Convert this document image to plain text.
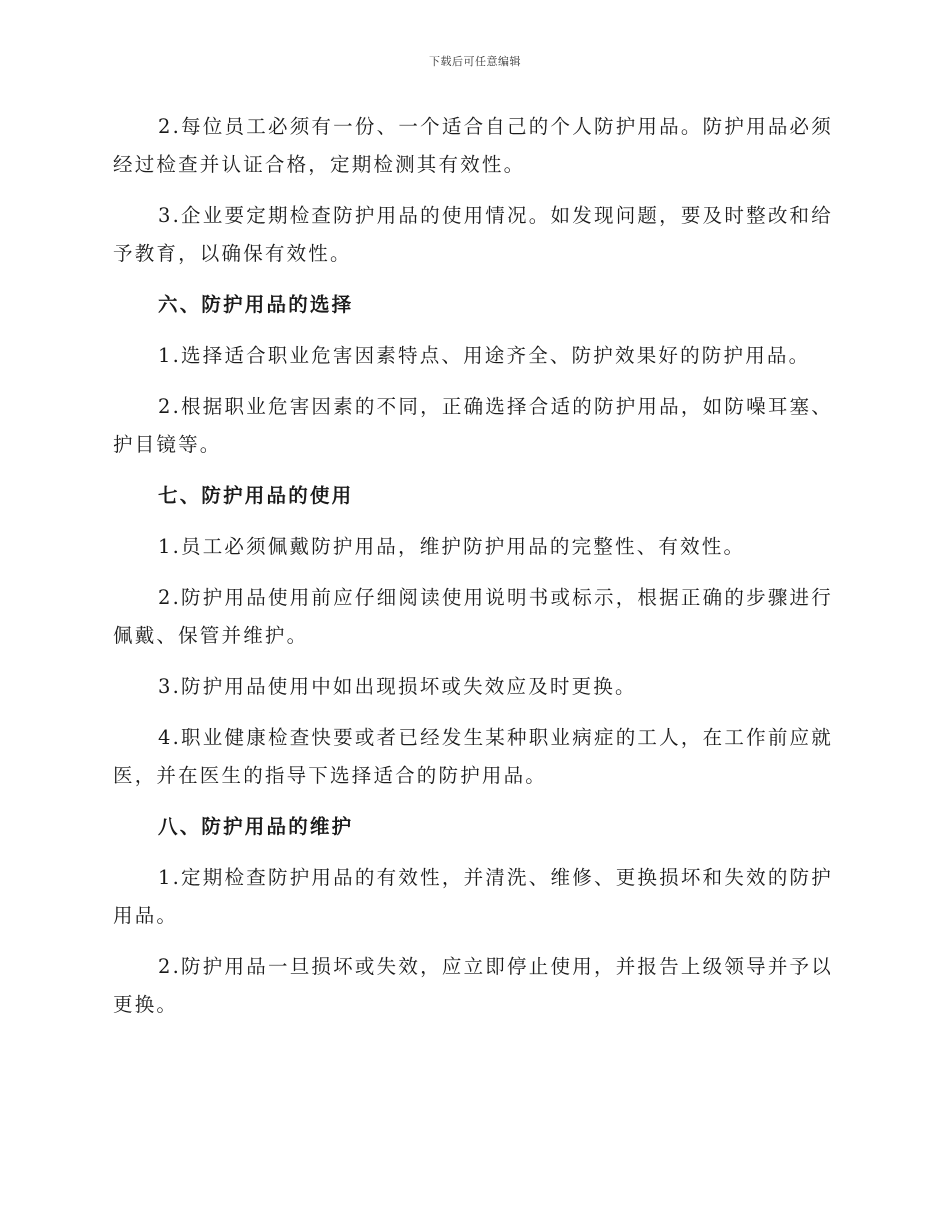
下载后可任意编辑

2.每位员工必须有一份、一个适合自己的个人防护用品。防护用品必须经过检查并认证合格，定期检测其有效性。

3.企业要定期检查防护用品的使用情况。如发现问题，要及时整改和给予教育，以确保有效性。

六、防护用品的选择

1.选择适合职业危害因素特点、用途齐全、防护效果好的防护用品。

2.根据职业危害因素的不同，正确选择合适的防护用品，如防噪耳塞、护目镜等。

七、防护用品的使用

1.员工必须佩戴防护用品，维护防护用品的完整性、有效性。

2.防护用品使用前应仔细阅读使用说明书或标示，根据正确的步骤进行佩戴、保管并维护。

3.防护用品使用中如出现损坏或失效应及时更换。

4.职业健康检查快要或者已经发生某种职业病症的工人，在工作前应就医，并在医生的指导下选择适合的防护用品。

八、防护用品的维护

1.定期检查防护用品的有效性，并清洗、维修、更换损坏和失效的防护用品。

2.防护用品一旦损坏或失效，应立即停止使用，并报告上级领导并予以更换。
